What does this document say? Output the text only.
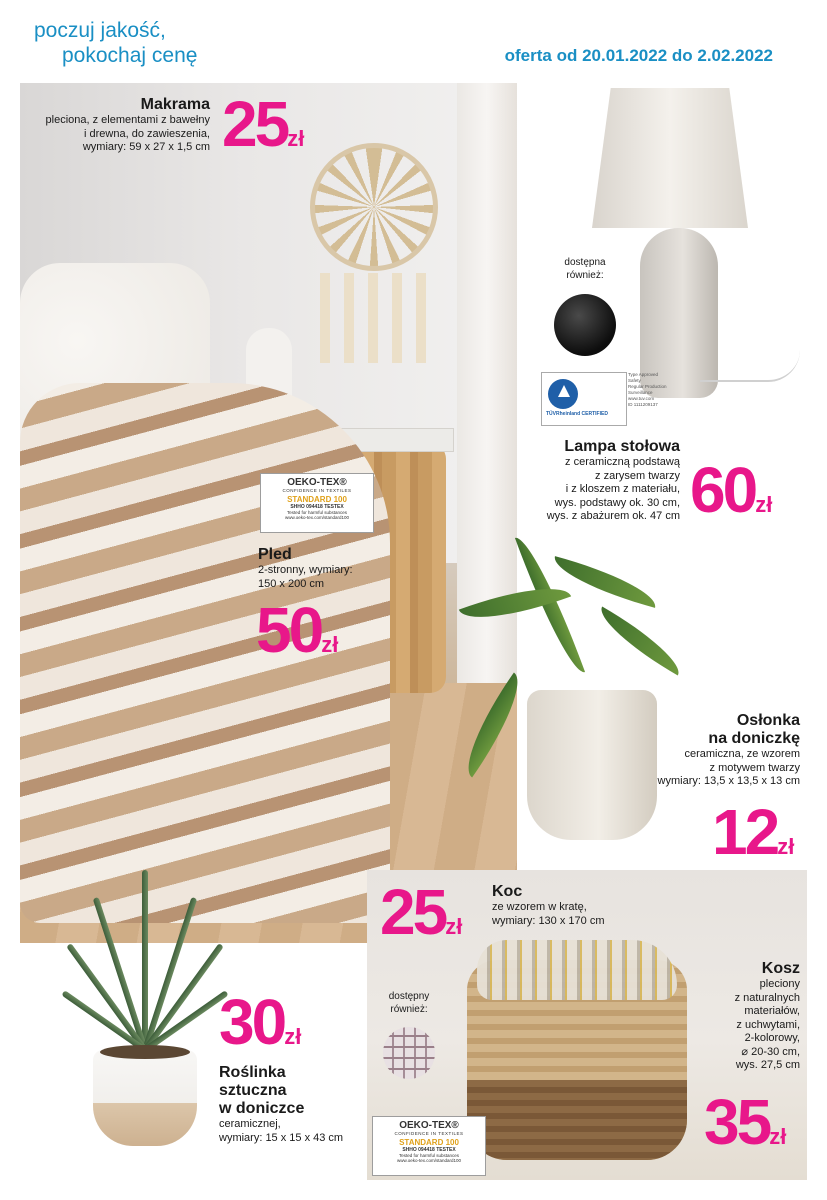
poczuj jakość,
pokochaj cenę	oferta od 20.01.2022 do 2.02.2022
Makrama
pleciona, z elementami z bawełny
i drewna, do zawieszenia,
wymiary: 59 x 27 x 1,5 cm 25zł
OEKO-TEX®
CONFIDENCE IN TEXTILES
STANDARD 100
SHHO 094418 TESTEX
Tested for harmful substances
www.oeko-tex.com/standard100
Pled
2-stronny, wymiary:
150 x 200 cm
50zł
dostępna
również:
TÜVRheinland CERTIFIED
Type Approved
Safety
Regular Production
Surveillance
www.tuv.com
ID 1111209137
Lampa stołowa
z ceramiczną podstawą
z zarysem twarzy
i z kloszem z materiału,
wys. podstawy ok. 30 cm,
wys. z abażurem ok. 47 cm 60zł
Osłonka
na doniczkę
ceramiczna, ze wzorem
z motywem twarzy
wymiary: 13,5 x 13,5 x 13 cm
12zł
25zł
Koc
ze wzorem w kratę,
wymiary: 130 x 170 cm
dostępny
również:
OEKO-TEX®
CONFIDENCE IN TEXTILES
STANDARD 100
SHHO 094418 TESTEX
Tested for harmful substances
www.oeko-tex.com/standard100
Kosz
pleciony
z naturalnych
materiałów,
z uchwytami,
2-kolorowy,
⌀ 20-30 cm,
wys. 27,5 cm
35zł
30zł
Roślinka
sztuczna
w doniczce
ceramicznej,
wymiary: 15 x 15 x 43 cm
